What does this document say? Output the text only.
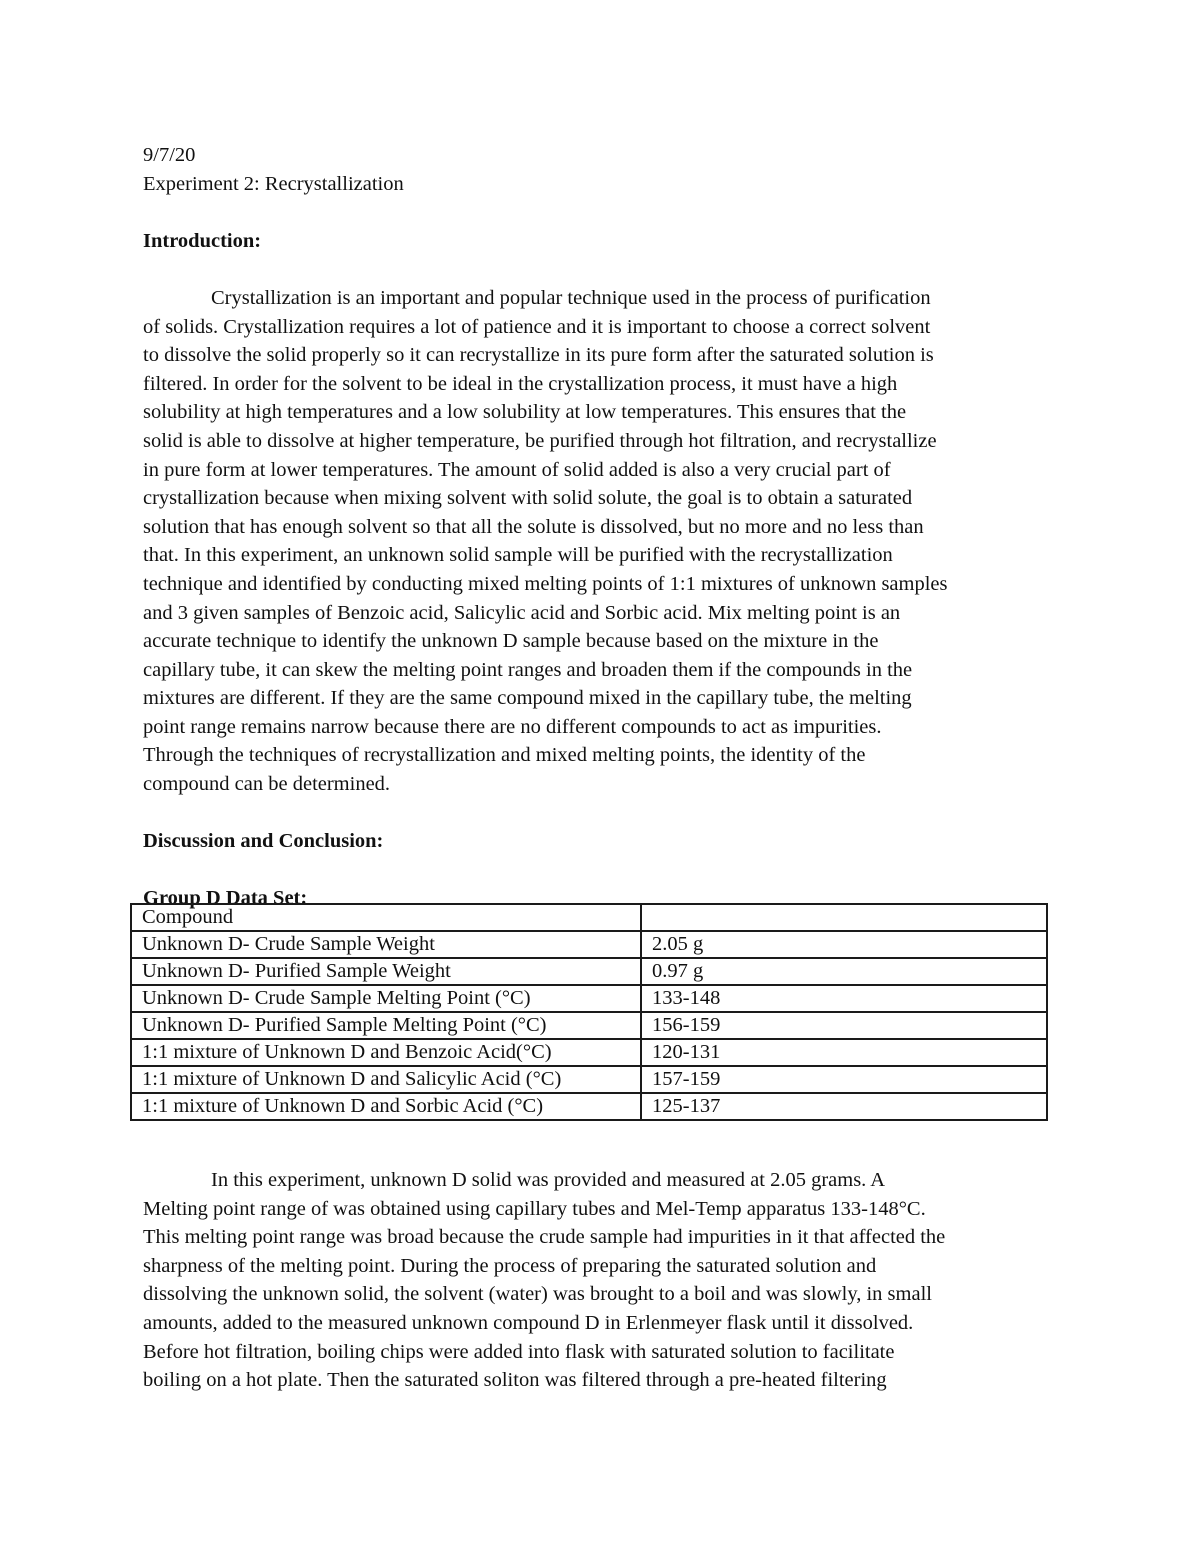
9/7/20
Experiment 2: Recrystallization
Introduction:
Crystallization is an important and popular technique used in the process of purification
of solids. Crystallization requires a lot of patience and it is important to choose a correct solvent
to dissolve the solid properly so it can recrystallize in its pure form after the saturated solution is
filtered. In order for the solvent to be ideal in the crystallization process, it must have a high
solubility at high temperatures and a low solubility at low temperatures. This ensures that the
solid is able to dissolve at higher temperature, be purified through hot filtration, and recrystallize
in pure form at lower temperatures. The amount of solid added is also a very crucial part of
crystallization because when mixing solvent with solid solute, the goal is to obtain a saturated
solution that has enough solvent so that all the solute is dissolved, but no more and no less than
that. In this experiment, an unknown solid sample will be purified with the recrystallization
technique and identified by conducting mixed melting points of 1:1 mixtures of unknown samples
and 3 given samples of Benzoic acid, Salicylic acid and Sorbic acid. Mix melting point is an
accurate technique to identify the unknown D sample because based on the mixture in the
capillary tube, it can skew the melting point ranges and broaden them if the compounds in the
mixtures are different. If they are the same compound mixed in the capillary tube, the melting
point range remains narrow because there are no different compounds to act as impurities.
Through the techniques of recrystallization and mixed melting points, the identity of the
compound can be determined.
Discussion and Conclusion:
Group D Data Set:
Compound	
Unknown D- Crude Sample Weight	2.05 g
Unknown D- Purified Sample Weight	0.97 g
Unknown D- Crude Sample Melting Point (°C)	133-148
Unknown D- Purified Sample Melting Point (°C)	156-159
1:1 mixture of Unknown D and Benzoic Acid(°C)	120-131
1:1 mixture of Unknown D and Salicylic Acid (°C)	157-159
1:1 mixture of Unknown D and Sorbic Acid (°C)	125-137
In this experiment, unknown D solid was provided and measured at 2.05 grams. A
Melting point range of was obtained using capillary tubes and Mel-Temp apparatus 133-148°C.
This melting point range was broad because the crude sample had impurities in it that affected the
sharpness of the melting point. During the process of preparing the saturated solution and
dissolving the unknown solid, the solvent (water) was brought to a boil and was slowly, in small
amounts, added to the measured unknown compound D in Erlenmeyer flask until it dissolved.
Before hot filtration, boiling chips were added into flask with saturated solution to facilitate
boiling on a hot plate. Then the saturated soliton was filtered through a pre-heated filtering
